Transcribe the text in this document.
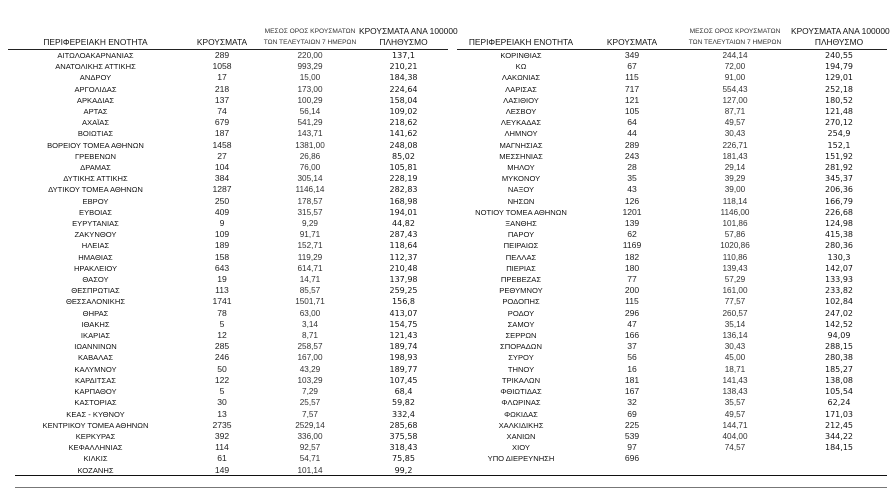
ΠΕΡΙΦΕΡΕΙΑΚΗ ΕΝΟΤΗΤΑ	ΚΡΟΥΣΜΑΤΑ	ΜΕΣΟΣ ΟΡΟΣ ΚΡΟΥΣΜΑΤΩΝ
ΤΩΝ ΤΕΛΕΥΤΑΙΩΝ 7 ΗΜΕΡΩΝ	ΚΡΟΥΣΜΑΤΑ ΑΝΑ 100000
ΠΛΗΘΥΣΜΟ
ΑΙΤΩΛΟΑΚΑΡΝΑΝΙΑΣ	289	220,00	137,1
ΑΝΑΤΟΛΙΚΗΣ ΑΤΤΙΚΗΣ	1058	993,29	210,21
ΑΝΔΡΟΥ	17	15,00	184,38
ΑΡΓΟΛΙΔΑΣ	218	173,00	224,64
ΑΡΚΑΔΙΑΣ	137	100,29	158,04
ΑΡΤΑΣ	74	56,14	109,02
ΑΧΑΪΑΣ	679	541,29	218,62
ΒΟΙΩΤΙΑΣ	187	143,71	141,62
ΒΟΡΕΙΟΥ ΤΟΜΕΑ ΑΘΗΝΩΝ	1458	1381,00	248,08
ΓΡΕΒΕΝΩΝ	27	26,86	85,02
ΔΡΑΜΑΣ	104	76,00	105,81
ΔΥΤΙΚΗΣ ΑΤΤΙΚΗΣ	384	305,14	228,19
ΔΥΤΙΚΟΥ ΤΟΜΕΑ ΑΘΗΝΩΝ	1287	1146,14	282,83
ΕΒΡΟΥ	250	178,57	168,98
ΕΥΒΟΙΑΣ	409	315,57	194,01
ΕΥΡΥΤΑΝΙΑΣ	9	9,29	44,82
ΖΑΚΥΝΘΟΥ	109	91,71	287,43
ΗΛΕΙΑΣ	189	152,71	118,64
ΗΜΑΘΙΑΣ	158	119,29	112,37
ΗΡΑΚΛΕΙΟΥ	643	614,71	210,48
ΘΑΣΟΥ	19	14,71	137,98
ΘΕΣΠΡΩΤΙΑΣ	113	85,57	259,25
ΘΕΣΣΑΛΟΝΙΚΗΣ	1741	1501,71	156,8
ΘΗΡΑΣ	78	63,00	413,07
ΙΘΑΚΗΣ	5	3,14	154,75
ΙΚΑΡΙΑΣ	12	8,71	121,43
ΙΩΑΝΝΙΝΩΝ	285	258,57	189,74
ΚΑΒΑΛΑΣ	246	167,00	198,93
ΚΑΛΥΜΝΟΥ	50	43,29	189,77
ΚΑΡΔΙΤΣΑΣ	122	103,29	107,45
ΚΑΡΠΑΘΟΥ	5	7,29	68,4
ΚΑΣΤΟΡΙΑΣ	30	25,57	59,82
ΚΕΑΣ - ΚΥΘΝΟΥ	13	7,57	332,4
ΚΕΝΤΡΙΚΟΥ ΤΟΜΕΑ ΑΘΗΝΩΝ	2735	2529,14	285,68
ΚΕΡΚΥΡΑΣ	392	336,00	375,58
ΚΕΦΑΛΛΗΝΙΑΣ	114	92,57	318,43
ΚΙΛΚΙΣ	61	54,71	75,85
ΚΟΖΑΝΗΣ	149	101,14	99,2
ΠΕΡΙΦΕΡΕΙΑΚΗ ΕΝΟΤΗΤΑ	ΚΡΟΥΣΜΑΤΑ	ΜΕΣΟΣ ΟΡΟΣ ΚΡΟΥΣΜΑΤΩΝ
ΤΩΝ ΤΕΛΕΥΤΑΙΩΝ 7 ΗΜΕΡΩΝ	ΚΡΟΥΣΜΑΤΑ ΑΝΑ 100000
ΠΛΗΘΥΣΜΟ
ΚΟΡΙΝΘΙΑΣ	349	244,14	240,55
ΚΩ	67	72,00	194,79
ΛΑΚΩΝΙΑΣ	115	91,00	129,01
ΛΑΡΙΣΑΣ	717	554,43	252,18
ΛΑΣΙΘΙΟΥ	121	127,00	180,52
ΛΕΣΒΟΥ	105	87,71	121,48
ΛΕΥΚΑΔΑΣ	64	49,57	270,12
ΛΗΜΝΟΥ	44	30,43	254,9
ΜΑΓΝΗΣΙΑΣ	289	226,71	152,1
ΜΕΣΣΗΝΙΑΣ	243	181,43	151,92
ΜΗΛΟΥ	28	29,14	281,92
ΜΥΚΟΝΟΥ	35	39,29	345,37
ΝΑΞΟΥ	43	39,00	206,36
ΝΗΣΩΝ	126	118,14	166,79
ΝΟΤΙΟΥ ΤΟΜΕΑ ΑΘΗΝΩΝ	1201	1146,00	226,68
ΞΑΝΘΗΣ	139	101,86	124,98
ΠΑΡΟΥ	62	57,86	415,38
ΠΕΙΡΑΙΩΣ	1169	1020,86	280,36
ΠΕΛΛΑΣ	182	110,86	130,3
ΠΙΕΡΙΑΣ	180	139,43	142,07
ΠΡΕΒΕΖΑΣ	77	57,29	133,93
ΡΕΘΥΜΝΟΥ	200	161,00	233,82
ΡΟΔΟΠΗΣ	115	77,57	102,84
ΡΟΔΟΥ	296	260,57	247,02
ΣΑΜΟΥ	47	35,14	142,52
ΣΕΡΡΩΝ	166	136,14	94,09
ΣΠΟΡΑΔΩΝ	37	30,43	288,15
ΣΥΡΟΥ	56	45,00	280,38
ΤΗΝΟΥ	16	18,71	185,27
ΤΡΙΚΑΛΩΝ	181	141,43	138,08
ΦΘΙΩΤΙΔΑΣ	167	138,43	105,54
ΦΛΩΡΙΝΑΣ	32	35,57	62,24
ΦΩΚΙΔΑΣ	69	49,57	171,03
ΧΑΛΚΙΔΙΚΗΣ	225	144,71	212,45
ΧΑΝΙΩΝ	539	404,00	344,22
ΧΙΟΥ	97	74,57	184,15
ΥΠΟ ΔΙΕΡΕΥΝΗΣΗ	696		
